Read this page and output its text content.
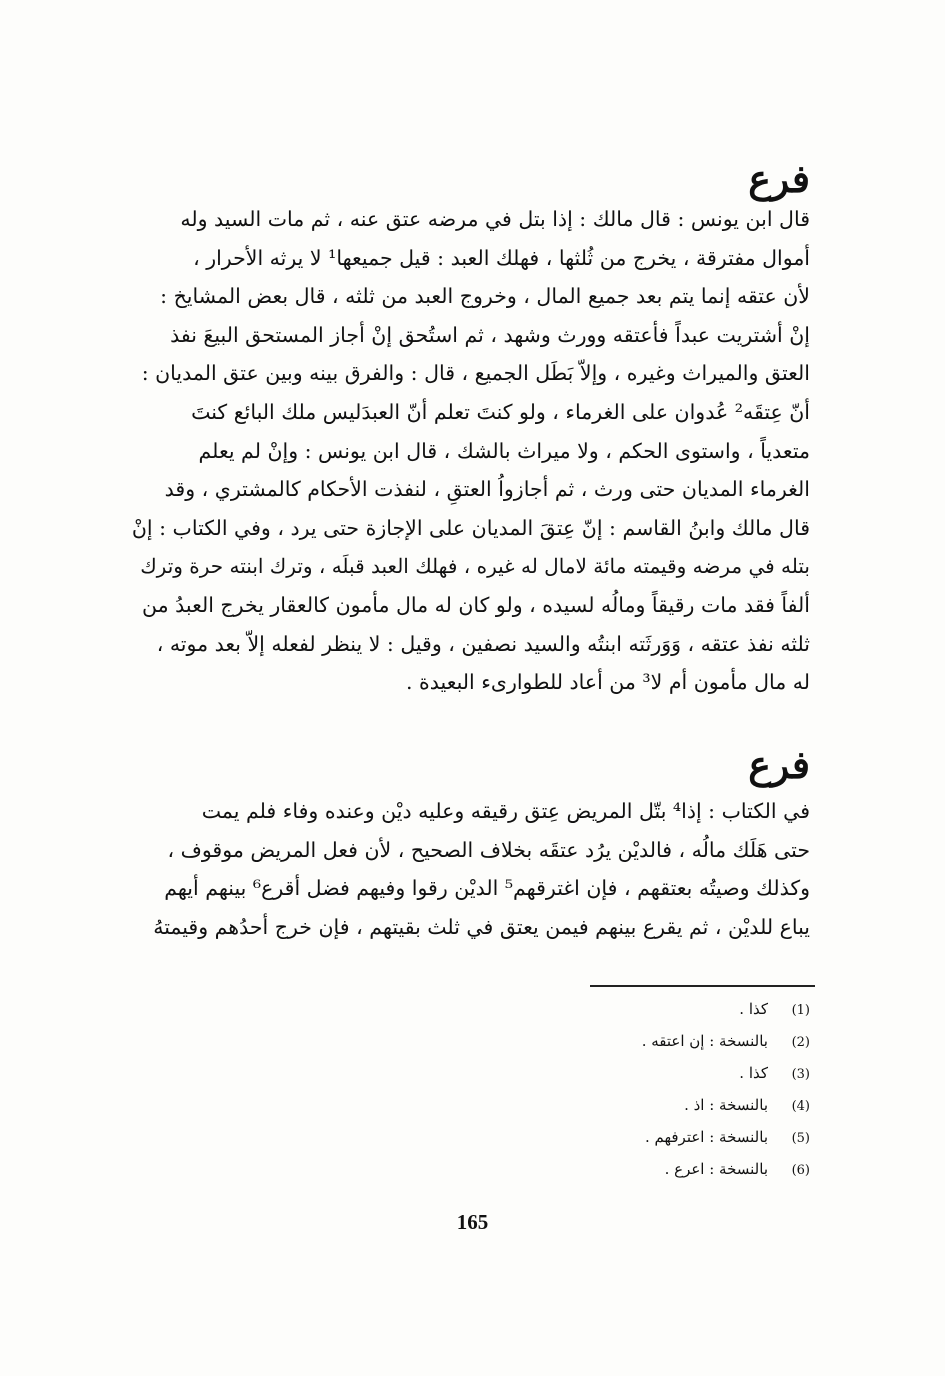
فرع
قال ابن يونس : قال مالك : إذا بتل في مرضه عتق عنه ، ثم مات السيد وله
أموال مفترقة ، يخرج من ثُلثها ، فهلك العبد : قيل جميعها¹ لا يرثه الأحرار ،
لأن عتقه إنما يتم بعد جميع المال ، وخروج العبد من ثلثه ، قال بعض المشايخ :
إنْ أشتريت عبداً فأعتقه وورث وشهد ، ثم استُحق إنْ أجاز المستحق البيعَ نفذ
العتق والميراث وغيره ، وإلاّ بَطَل الجميع ، قال : والفرق بينه وبين عتق المديان :
أنّ عِتقَه² عُدوان على الغرماء ، ولو كنتَ تعلم أنّ العبدَليس ملك البائع كنتَ
متعدياً ، واستوى الحكم ، ولا ميراث بالشك ، قال ابن يونس : وإنْ لم يعلم
الغرماء المديان حتى ورث ، ثم أجازواُ العتقِ ، لنفذت الأحكام كالمشتري ، وقد
قال مالك وابنُ القاسم : إنّ عِتقَ المديان على الإجازة حتى يرد ، وفي الكتاب : إنْ
بتله في مرضه وقيمته مائة لامال له غيره ، فهلك العبد قبلَه ، وترك ابنته حرة وترك
ألفاً فقد مات رقيقاً ومالُه لسيده ، ولو كان له مال مأمون كالعقار يخرج العبدُ من
ثلثه نفذ عتقه ، وَوَرثَته ابنتُه والسيد نصفين ، وقيل : لا ينظر لفعله إلاّ بعد موته ،
له مال مأمون أم لا³ من أعاد للطوارىء البعيدة .
فرع
في الكتاب : إذا⁴ بتّل المريض عِتق رقيقه وعليه ديْن وعنده وفاء فلم يمت
حتى هَلَك مالُه ، فالديْن يرُد عتقَه بخلاف الصحيح ، لأن فعل المريض موقوف ،
وكذلك وصيتُه بعتقهم ، فإن اغترقهم⁵ الديْن رقوا وفيهم فضل أقرع⁶ بينهم أيهم
يباع للديْن ، ثم يقرع بينهم فيمن يعتق في ثلث بقيتهم ، فإن خرج أحدُهم وقيمتهُ
(1)
كذا .
(2)
بالنسخة : إن اعتقه .
(3)
كذا .
(4)
بالنسخة : اذ .
(5)
بالنسخة : اعترفهم .
(6)
بالنسخة : اعرع .
165
